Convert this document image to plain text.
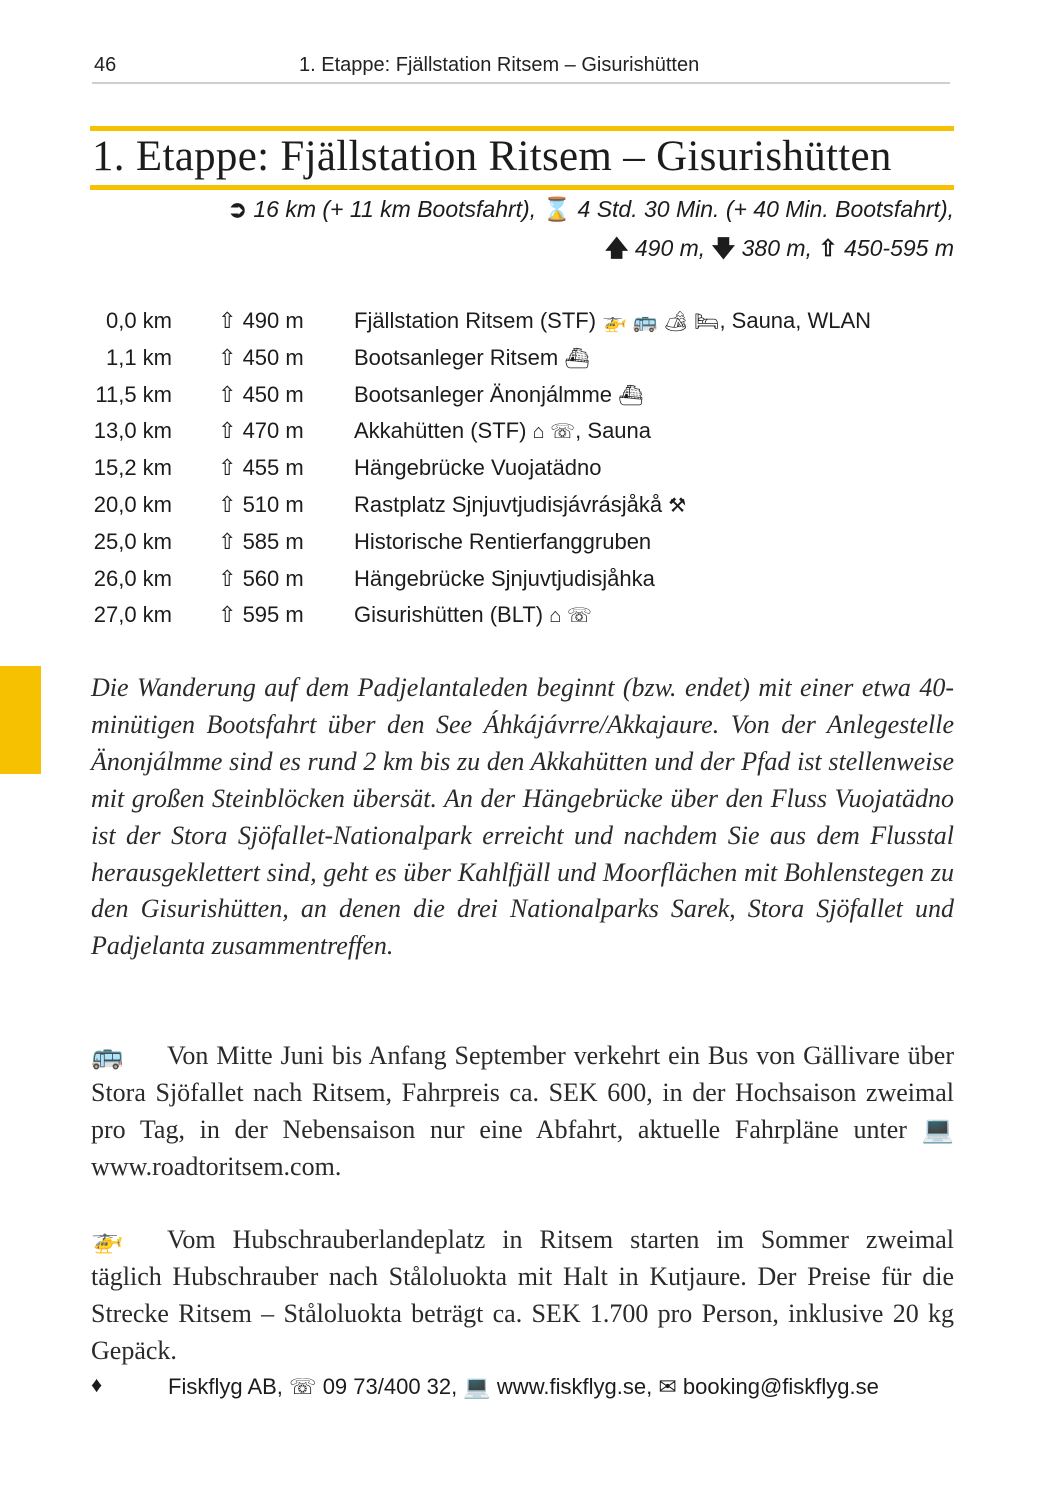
46	1. Etappe: Fjällstation Ritsem – Gisurishütten
1. Etappe: Fjällstation Ritsem – Gisurishütten
➲ 16 km (+ 11 km Bootsfahrt), ⌛ 4 Std. 30 Min. (+ 40 Min. Bootsfahrt),
🡅 490 m, 🡇 380 m, ⇧ 450-595 m
0,0 km ⇧ 490 m Fjällstation Ritsem (STF) 🚁 🚌 🏕 🛏, Sauna, WLAN
1,1 km ⇧ 450 m Bootsanleger Ritsem ⛴
11,5 km ⇧ 450 m Bootsanleger Änonjálmme ⛴
13,0 km ⇧ 470 m Akkahütten (STF) ⌂ ☏, Sauna
15,2 km ⇧ 455 m Hängebrücke Vuojatädno
20,0 km ⇧ 510 m Rastplatz Sjnjuvtjudisjávrásjåkå ⚒
25,0 km ⇧ 585 m Historische Rentierfanggruben
26,0 km ⇧ 560 m Hängebrücke Sjnjuvtjudisjåhka
27,0 km ⇧ 595 m Gisurishütten (BLT) ⌂ ☏
Die Wanderung auf dem Padjelantaleden beginnt (bzw. endet) mit einer etwa 40-minütigen Bootsfahrt über den See Áhkájávrre/Akkajaure. Von der Anlegestelle Änonjálmme sind es rund 2 km bis zu den Akkahütten und der Pfad ist stellenweise mit großen Steinblöcken übersät. An der Hängebrücke über den Fluss Vuojatädno ist der Stora Sjöfallet-Nationalpark erreicht und nachdem Sie aus dem Flusstal herausgeklettert sind, geht es über Kahlfjäll und Moorflächen mit Bohlenstegen zu den Gisurishütten, an denen die drei Nationalparks Sarek, Stora Sjöfallet und Padjelanta zusammentreffen.
🚌 Von Mitte Juni bis Anfang September verkehrt ein Bus von Gällivare über Stora Sjöfallet nach Ritsem, Fahrpreis ca. SEK 600, in der Hochsaison zweimal pro Tag, in der Nebensaison nur eine Abfahrt, aktuelle Fahrpläne unter 💻 www.roadtoritsem.com.
🚁 Vom Hubschrauberlandeplatz in Ritsem starten im Sommer zweimal täglich Hubschrauber nach Ståloluokta mit Halt in Kutjaure. Der Preise für die Strecke Ritsem – Ståloluokta beträgt ca. SEK 1.700 pro Person, inklusive 20 kg Gepäck.
♦	Fiskflyg AB, ☏ 09 73/400 32, 💻 www.fiskflyg.se, ✉ booking@fiskflyg.se
